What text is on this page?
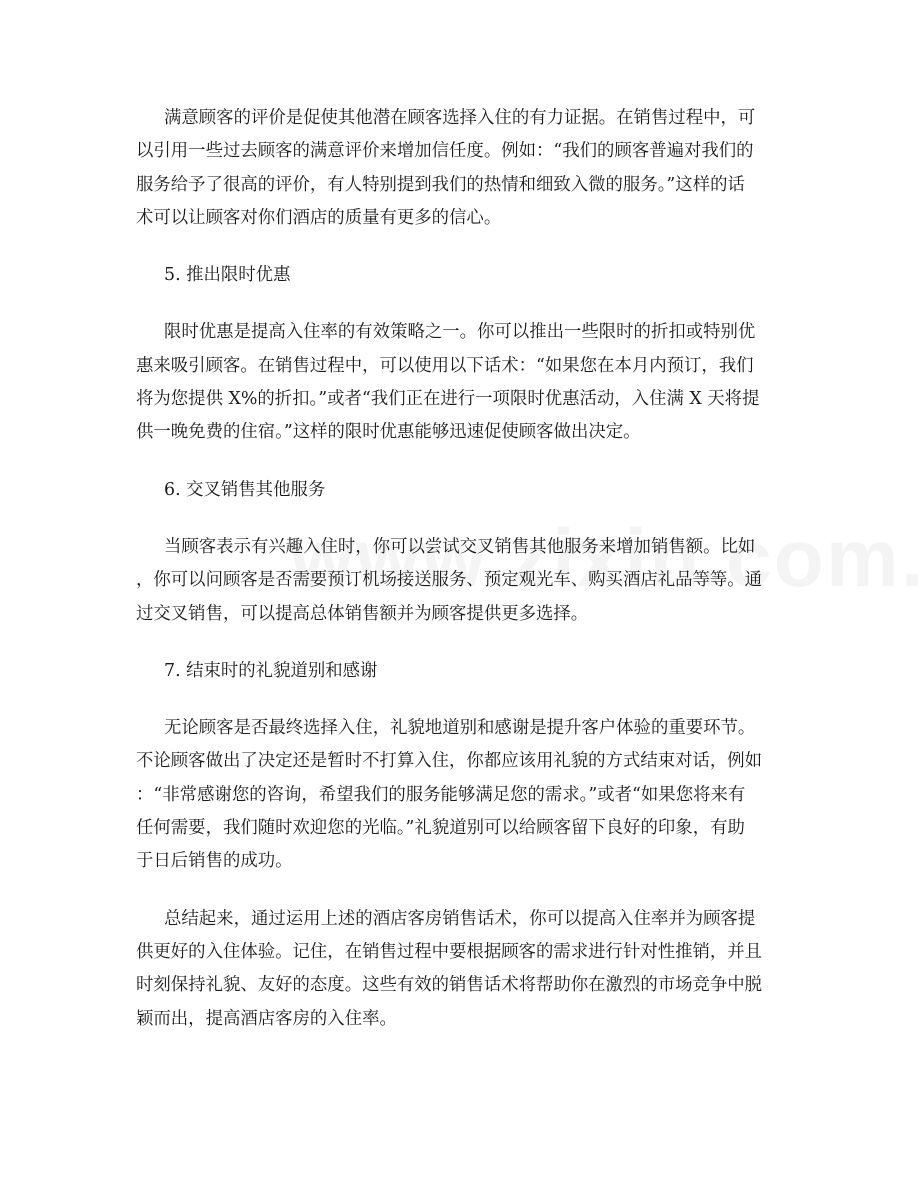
满意顾客的评价是促使其他潜在顾客选择入住的有力证据。在销售过程中，可
以引用一些过去顾客的满意评价来增加信任度。例如：“我们的顾客普遍对我们的
服务给予了很高的评价，有人特别提到我们的热情和细致入微的服务。”这样的话
术可以让顾客对你们酒店的质量有更多的信心。
5. 推出限时优惠
限时优惠是提高入住率的有效策略之一。你可以推出一些限时的折扣或特别优
惠来吸引顾客。在销售过程中，可以使用以下话术：“如果您在本月内预订，我们
将为您提供 X%的折扣。”或者“我们正在进行一项限时优惠活动，入住满 X 天将提
供一晚免费的住宿。”这样的限时优惠能够迅速促使顾客做出决定。
6. 交叉销售其他服务
当顾客表示有兴趣入住时，你可以尝试交叉销售其他服务来增加销售额。比如
，你可以问顾客是否需要预订机场接送服务、预定观光车、购买酒店礼品等等。通
过交叉销售，可以提高总体销售额并为顾客提供更多选择。
7. 结束时的礼貌道别和感谢
无论顾客是否最终选择入住，礼貌地道别和感谢是提升客户体验的重要环节。
不论顾客做出了决定还是暂时不打算入住，你都应该用礼貌的方式结束对话，例如
：“非常感谢您的咨询，希望我们的服务能够满足您的需求。”或者“如果您将来有
任何需要，我们随时欢迎您的光临。”礼貌道别可以给顾客留下良好的印象，有助
于日后销售的成功。
总结起来，通过运用上述的酒店客房销售话术，你可以提高入住率并为顾客提
供更好的入住体验。记住，在销售过程中要根据顾客的需求进行针对性推销，并且
时刻保持礼貌、友好的态度。这些有效的销售话术将帮助你在激烈的市场竞争中脱
颖而出，提高酒店客房的入住率。
